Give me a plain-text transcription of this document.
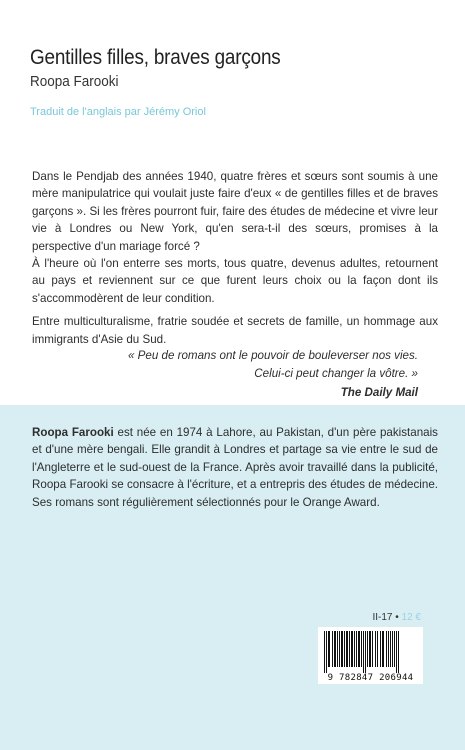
Gentilles filles, braves garçons
Roopa Farooki
Traduit de l'anglais par Jérémy Oriol

Dans le Pendjab des années 1940, quatre frères et sœurs sont soumis à une mère manipulatrice qui voulait juste faire d'eux « de gentilles filles et de braves garçons ». Si les frères pourront fuir, faire des études de médecine et vivre leur vie à Londres ou New York, qu'en sera-t-il des sœurs, promises à la perspective d'un mariage forcé ?

À l'heure où l'on enterre ses morts, tous quatre, devenus adultes, retournent au pays et reviennent sur ce que furent leurs choix ou la façon dont ils s'accommodèrent de leur condition.

Entre multiculturalisme, fratrie soudée et secrets de famille, un hommage aux immigrants d'Asie du Sud.

« Peu de romans ont le pouvoir de bouleverser nos vies.
Celui-ci peut changer la vôtre. »
The Daily Mail
Roopa Farooki est née en 1974 à Lahore, au Pakistan, d'un père pakistanais et d'une mère bengali. Elle grandit à Londres et partage sa vie entre le sud de l'Angleterre et le sud-ouest de la France. Après avoir travaillé dans la publicité, Roopa Farooki se consacre à l'écriture, et a entrepris des études de médecine. Ses romans sont régulièrement sélectionnés pour le Orange Award.
II-17 • 12 €
9 782847 206944
